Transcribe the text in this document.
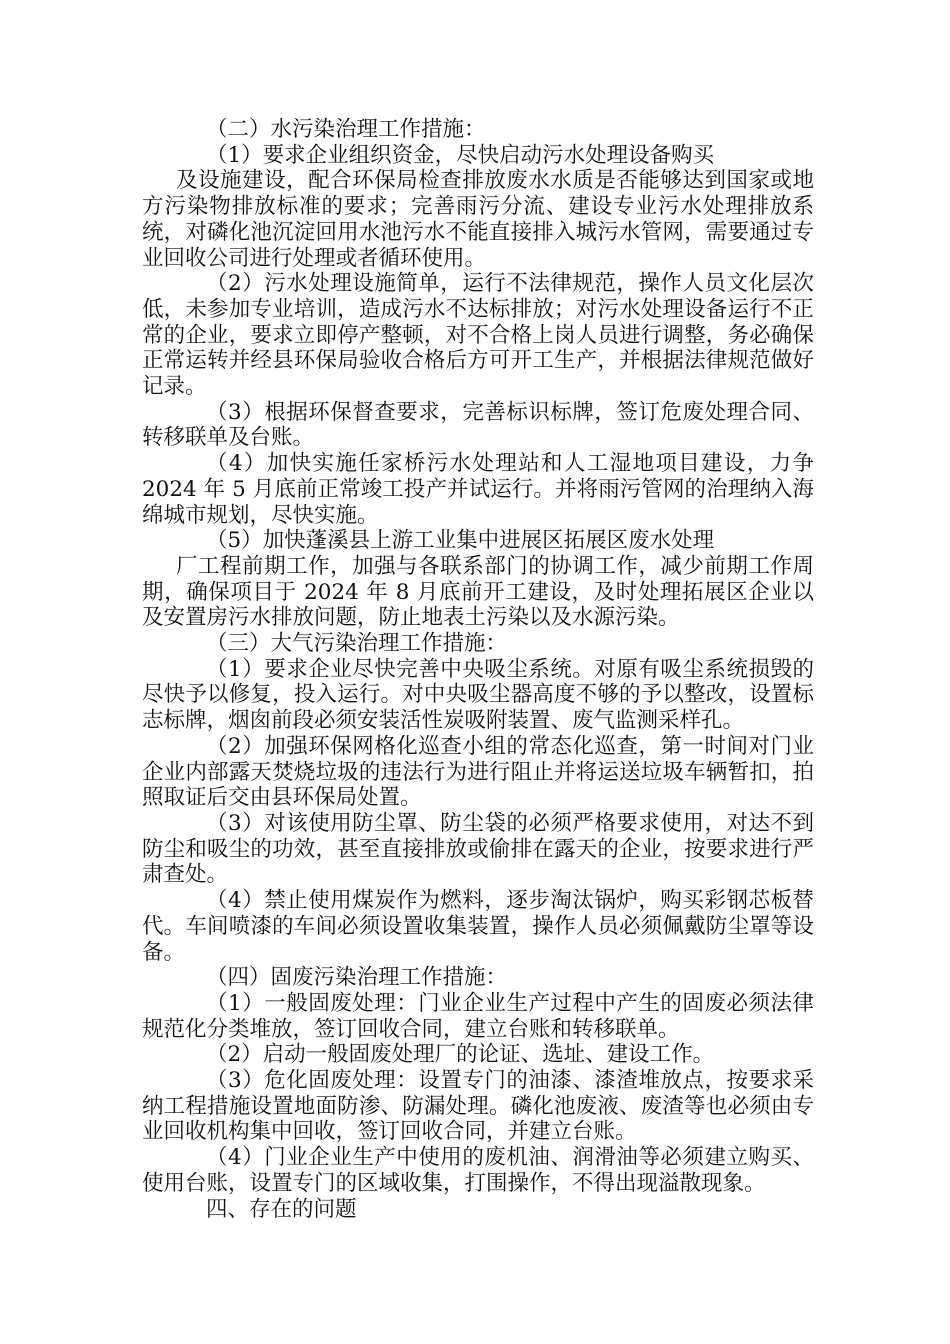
（二）水污染治理工作措施：

（1）要求企业组织资金，尽快启动污水处理设备购买

及设施建设，配合环保局检查排放废水水质是否能够达到国家或地方污染物排放标准的要求；完善雨污分流、建设专业污水处理排放系统，对磷化池沉淀回用水池污水不能直接排入城污水管网，需要通过专业回收公司进行处理或者循环使用。

（2）污水处理设施简单，运行不法律规范，操作人员文化层次低，未参加专业培训，造成污水不达标排放；对污水处理设备运行不正常的企业，要求立即停产整顿，对不合格上岗人员进行调整，务必确保正常运转并经县环保局验收合格后方可开工生产，并根据法律规范做好记录。

（3）根据环保督查要求，完善标识标牌，签订危废处理合同、转移联单及台账。

（4）加快实施任家桥污水处理站和人工湿地项目建设，力争 2024 年 5 月底前正常竣工投产并试运行。并将雨污管网的治理纳入海绵城市规划，尽快实施。

（5）加快蓬溪县上游工业集中进展区拓展区废水处理

厂工程前期工作，加强与各联系部门的协调工作，减少前期工作周期，确保项目于 2024 年 8 月底前开工建设，及时处理拓展区企业以及安置房污水排放问题，防止地表土污染以及水源污染。

（三）大气污染治理工作措施：

（1）要求企业尽快完善中央吸尘系统。对原有吸尘系统损毁的尽快予以修复，投入运行。对中央吸尘器高度不够的予以整改，设置标志标牌，烟囱前段必须安装活性炭吸附装置、废气监测采样孔。

（2）加强环保网格化巡查小组的常态化巡查，第一时间对门业企业内部露天焚烧垃圾的违法行为进行阻止并将运送垃圾车辆暂扣，拍照取证后交由县环保局处置。

（3）对该使用防尘罩、防尘袋的必须严格要求使用，对达不到防尘和吸尘的功效，甚至直接排放或偷排在露天的企业，按要求进行严肃查处。

（4）禁止使用煤炭作为燃料，逐步淘汰锅炉，购买彩钢芯板替代。车间喷漆的车间必须设置收集装置，操作人员必须佩戴防尘罩等设备。

（四）固废污染治理工作措施：

（1）一般固废处理：门业企业生产过程中产生的固废必须法律规范化分类堆放，签订回收合同，建立台账和转移联单。

（2）启动一般固废处理厂的论证、选址、建设工作。

（3）危化固废处理：设置专门的油漆、漆渣堆放点，按要求采纳工程措施设置地面防渗、防漏处理。磷化池废液、废渣等也必须由专业回收机构集中回收，签订回收合同，并建立台账。

（4）门业企业生产中使用的废机油、润滑油等必须建立购买、使用台账，设置专门的区域收集，打围操作，不得出现溢散现象。

四、存在的问题
